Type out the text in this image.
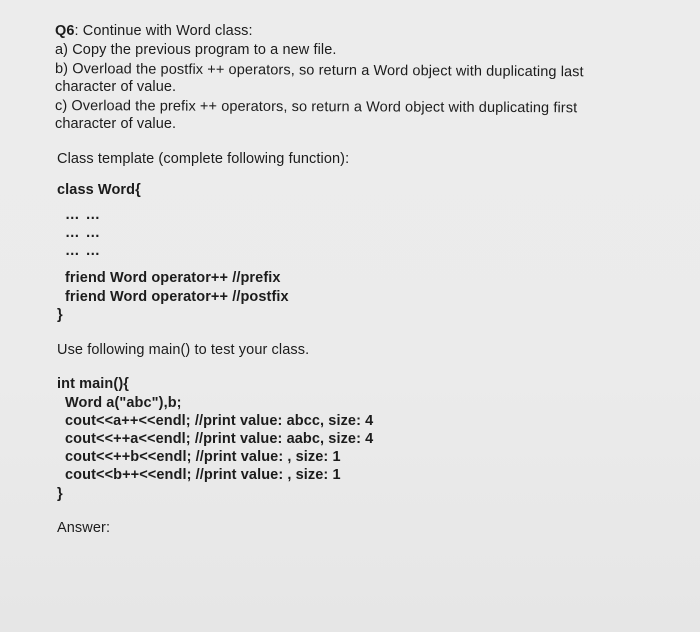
Q6: Continue with Word class:
a) Copy the previous program to a new file.
b) Overload the postfix ++ operators, so return a Word object with duplicating last
character of value.
c) Overload the prefix ++ operators, so return a Word object with duplicating first
character of value.
Class template (complete following function):
class Word{
… …
… …
… …
friend Word operator++ //prefix
friend Word operator++ //postfix
}
Use following main() to test your class.
int main(){
Word a("abc"),b;
cout<<a++<<endl; //print value: abcc, size: 4
cout<<++a<<endl; //print value: aabc, size: 4
cout<<++b<<endl; //print value: , size: 1
cout<<b++<<endl; //print value: , size: 1
}
Answer:
